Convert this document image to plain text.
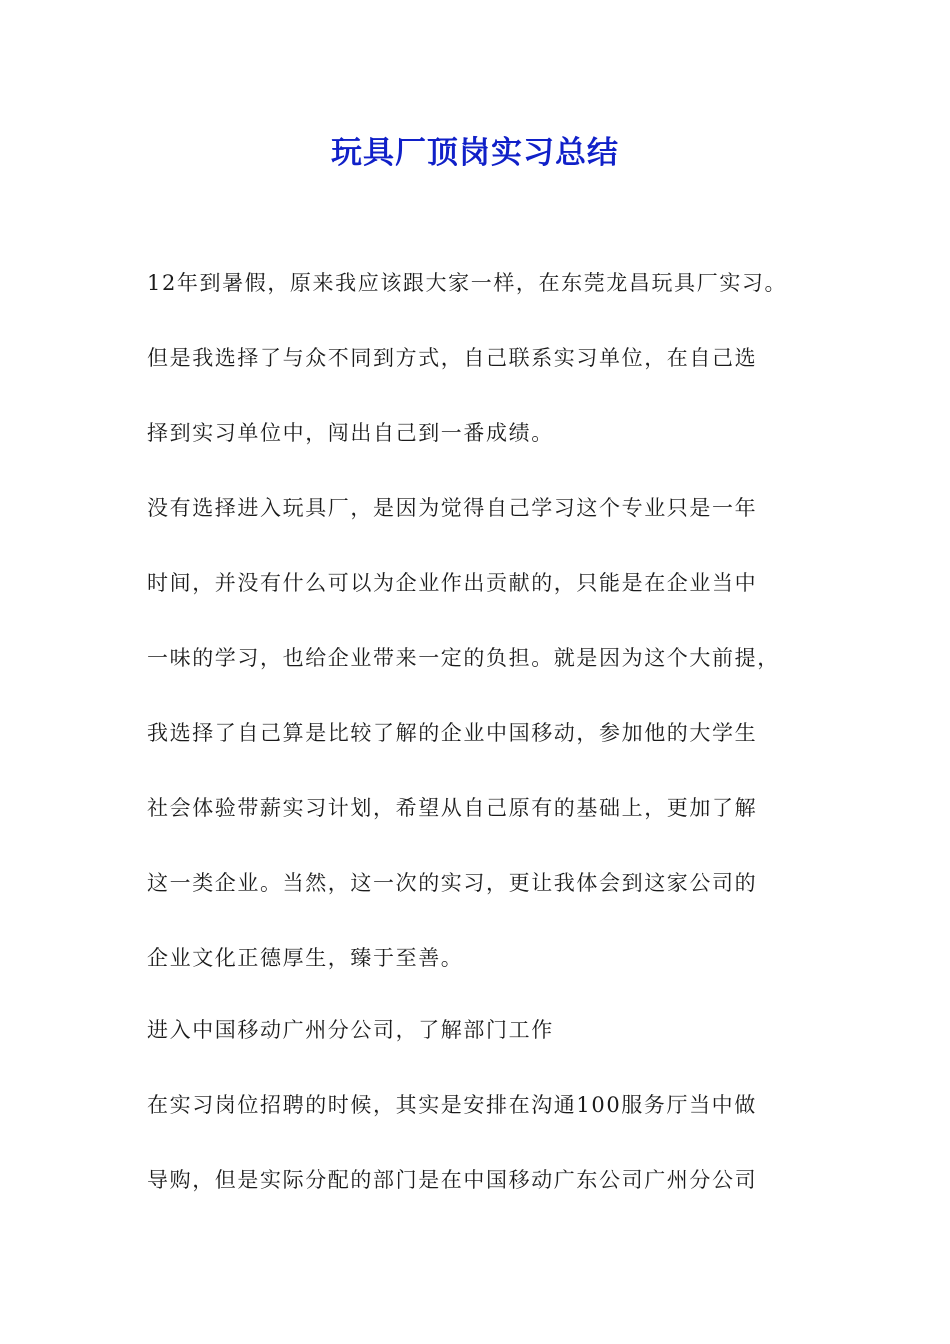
玩具厂顶岗实习总结

12年到暑假，原来我应该跟大家一样，在东莞龙昌玩具厂实习。

但是我选择了与众不同到方式，自己联系实习单位，在自己选

择到实习单位中，闯出自己到一番成绩。

没有选择进入玩具厂，是因为觉得自己学习这个专业只是一年

时间，并没有什么可以为企业作出贡献的，只能是在企业当中

一味的学习，也给企业带来一定的负担。就是因为这个大前提，

我选择了自己算是比较了解的企业中国移动，参加他的大学生

社会体验带薪实习计划，希望从自己原有的基础上，更加了解

这一类企业。当然，这一次的实习，更让我体会到这家公司的

企业文化正德厚生，臻于至善。

进入中国移动广州分公司，了解部门工作

在实习岗位招聘的时候，其实是安排在沟通100服务厅当中做

导购，但是实际分配的部门是在中国移动广东公司广州分公司
